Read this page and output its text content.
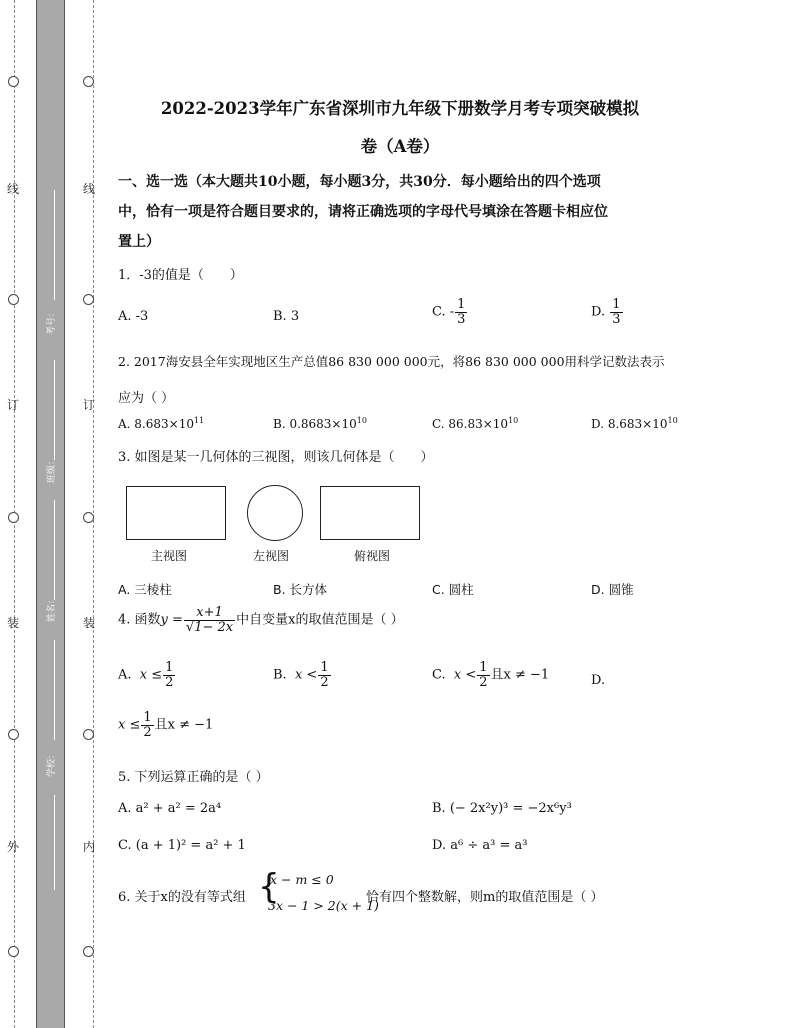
线
订
装
外
线
订
装
内
考号：
班级：
姓名：
学校：
2022-2023学年广东省深圳市九年级下册数学月考专项突破模拟
卷（A卷）
一、选一选（本大题共10小题，每小题3分，共30分．每小题给出的四个选项
中，恰有一项是符合题目要求的，请将正确选项的字母代号填涂在答题卡相应位
置上）
1．-3的值是（　　）
A. -3	B. 3	C. - $\frac{1}{3}$	D. $\frac{1}{3}$
2. 2017海安县全年实现地区生产总值86 830 000 000元，将86 830 000 000用科学记数法表示
应为（ ）
A. $8.683\times 10^{11}$	B. $0.8683\times 10^{10}$	C. $86.83\times 10^{10}$	D. $8.683\times 10^{10}$
3. 如图是某一几何体的三视图，则该几何体是（　　）
主视图	左视图	俯视图
A. 三棱柱	B. 长方体	C. 圆柱	D. 圆锥
4. 函数$y = \frac{x+1}{√1- 2x}$ 中自变量x的取值范围是（ ）
A. $x \le \frac{1}{2}$	B. $x < \frac{1}{2}$	C. $x < \frac{1}{2}$ 且x ≠ −1	D.
$x \le \frac{1}{2}$ 且x ≠ −1
5. 下列运算正确的是（ ）
A. a² + a² = 2a⁴	B. (− 2x²y)³ = −2x⁶y³
C. (a + 1)² = a² + 1	D. a⁶ ÷ a³ = a³
6. 关于x的没有等式组 {
x − m ≤ 0
3x − 1 > 2(x + 1)
恰有四个整数解，则m的取值范围是（ ）
